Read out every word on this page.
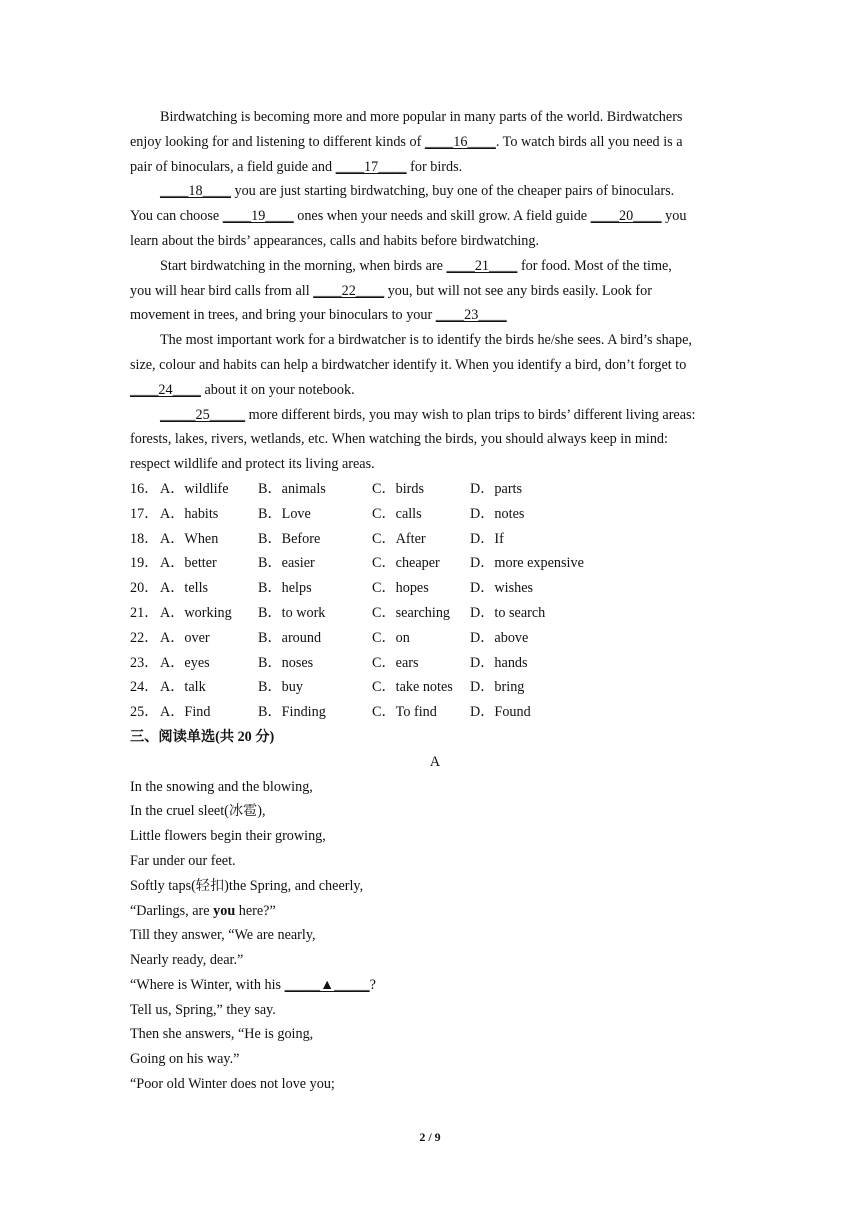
Birdwatching is becoming more and more popular in many parts of the world. Birdwatchers
enjoy looking for and listening to different kinds of ____16____. To watch birds all you need is a
pair of binoculars, a field guide and ____17____ for birds.
____18____ you are just starting birdwatching, buy one of the cheaper pairs of binoculars.
You can choose ____19____ ones when your needs and skill grow. A field guide ____20____ you
learn about the birds’ appearances, calls and habits before birdwatching.
Start birdwatching in the morning, when birds are ____21____ for food. Most of the time,
you will hear bird calls from all ____22____ you, but will not see any birds easily. Look for
movement in trees, and bring your binoculars to your ____23____
The most important work for a birdwatcher is to identify the birds he/she sees. A bird’s shape,
size, colour and habits can help a birdwatcher identify it. When you identify a bird, don’t forget to
____24____ about it on your notebook.
_____25_____ more different birds, you may wish to plan trips to birds’ different living areas:
forests, lakes, rivers, wetlands, etc. When watching the birds, you should always keep in mind:
respect wildlife and protect its living areas.
16．	A．wildlife	B．animals	C．birds	D．parts
17．	A．habits	B．Love	C．calls	D．notes
18．	A．When	B．Before	C．After	D．If
19．	A．better	B．easier	C．cheaper	D．more expensive
20．	A．tells	B．helps	C．hopes	D．wishes
21．	A．working	B．to work	C．searching	D．to search
22．	A．over	B．around	C．on	D．above
23．	A．eyes	B．noses	C．ears	D．hands
24．	A．talk	B．buy	C．take notes	D．bring
25．	A．Find	B．Finding	C．To find	D．Found
三、阅读单选(共 20 分)
A
In the snowing and the blowing,
In the cruel sleet(冰雹),
Little flowers begin their growing,
Far under our feet.
Softly taps(轻扣)the Spring, and cheerly,
“Darlings, are you here?”
Till they answer, “We are nearly,
Nearly ready, dear.”
“Where is Winter, with his _____▲_____?
Tell us, Spring,” they say.
Then she answers, “He is going,
Going on his way.”
“Poor old Winter does not love you;
2 / 9
